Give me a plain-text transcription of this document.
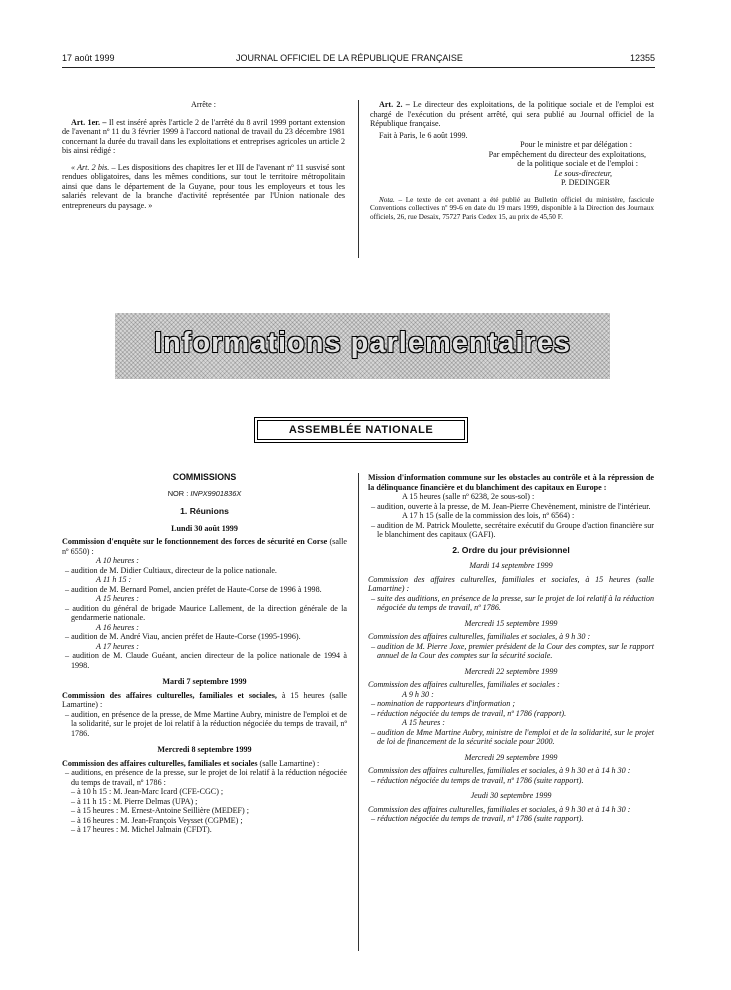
17 août 1999	JOURNAL OFFICIEL DE LA RÉPUBLIQUE FRANÇAISE	12355

Arrête :

Art. 1er. – Il est inséré après l'article 2 de l'arrêté du 8 avril 1999 portant extension de l'avenant nº 11 du 3 février 1999 à l'accord national de travail du 23 décembre 1981 concernant la durée du travail dans les exploitations et entreprises agricoles un article 2 bis ainsi rédigé :

« Art. 2 bis. – Les dispositions des chapitres Ier et III de l'avenant nº 11 susvisé sont rendues obligatoires, dans les mêmes conditions, sur tout le territoire métropolitain ainsi que dans le département de la Guyane, pour tous les employeurs et tous les salariés relevant de la branche d'activité représentée par l'Union nationale des entrepreneurs du paysage. »

Art. 2. – Le directeur des exploitations, de la politique sociale et de l'emploi est chargé de l'exécution du présent arrêté, qui sera publié au Journal officiel de la République française.

Fait à Paris, le 6 août 1999.

Pour le ministre et par délégation :

Par empêchement du directeur des exploitations,

de la politique sociale et de l'emploi :

Le sous-directeur,

P. DEDINGER

Nota. – Le texte de cet avenant a été publié au Bulletin officiel du ministère, fascicule Conventions collectives nº 99-6 en date du 19 mars 1999, disponible à la Direction des Journaux officiels, 26, rue Desaix, 75727 Paris Cedex 15, au prix de 45,50 F.

Informations parlementaires
ASSEMBLÉE NATIONALE

COMMISSIONS

NOR : INPX9901836X

1. Réunions

Lundi 30 août 1999

Commission d'enquête sur le fonctionnement des forces de sécurité en Corse (salle nº 6550) :

A 10 heures :

– audition de M. Didier Cultiaux, directeur de la police nationale.

A 11 h 15 :

– audition de M. Bernard Pomel, ancien préfet de Haute-Corse de 1996 à 1998.

A 15 heures :

– audition du général de brigade Maurice Lallement, de la direction générale de la gendarmerie nationale.

A 16 heures :

– audition de M. André Viau, ancien préfet de Haute-Corse (1995-1996).

A 17 heures :

– audition de M. Claude Guéant, ancien directeur de la police nationale de 1994 à 1998.

Mardi 7 septembre 1999

Commission des affaires culturelles, familiales et sociales, à 15 heures (salle Lamartine) :

– audition, en présence de la presse, de Mme Martine Aubry, ministre de l'emploi et de la solidarité, sur le projet de loi relatif à la réduction négociée du temps de travail, nº 1786.

Mercredi 8 septembre 1999

Commission des affaires culturelles, familiales et sociales (salle Lamartine) :

– auditions, en présence de la presse, sur le projet de loi relatif à la réduction négociée du temps de travail, nº 1786 :

– à 10 h 15 : M. Jean-Marc Icard (CFE-CGC) ;

– à 11 h 15 : M. Pierre Delmas (UPA) ;

– à 15 heures : M. Ernest-Antoine Seillière (MEDEF) ;

– à 16 heures : M. Jean-François Veysset (CGPME) ;

– à 17 heures : M. Michel Jalmain (CFDT).

Mission d'information commune sur les obstacles au contrôle et à la répression de la délinquance financière et du blanchiment des capitaux en Europe :

A 15 heures (salle nº 6238, 2e sous-sol) :

– audition, ouverte à la presse, de M. Jean-Pierre Chevènement, ministre de l'intérieur.

A 17 h 15 (salle de la commission des lois, nº 6564) :

– audition de M. Patrick Moulette, secrétaire exécutif du Groupe d'action financière sur le blanchiment des capitaux (GAFI).

2. Ordre du jour prévisionnel

Mardi 14 septembre 1999

Commission des affaires culturelles, familiales et sociales, à 15 heures (salle Lamartine) :

– suite des auditions, en présence de la presse, sur le projet de loi relatif à la réduction négociée du temps de travail, nº 1786.

Mercredi 15 septembre 1999

Commission des affaires culturelles, familiales et sociales, à 9 h 30 :

– audition de M. Pierre Joxe, premier président de la Cour des comptes, sur le rapport annuel de la Cour des comptes sur la sécurité sociale.

Mercredi 22 septembre 1999

Commission des affaires culturelles, familiales et sociales :

A 9 h 30 :

– nomination de rapporteurs d'information ;

– réduction négociée du temps de travail, nº 1786 (rapport).

A 15 heures :

– audition de Mme Martine Aubry, ministre de l'emploi et de la solidarité, sur le projet de loi de financement de la sécurité sociale pour 2000.

Mercredi 29 septembre 1999

Commission des affaires culturelles, familiales et sociales, à 9 h 30 et à 14 h 30 :

– réduction négociée du temps de travail, nº 1786 (suite rapport).

Jeudi 30 septembre 1999

Commission des affaires culturelles, familiales et sociales, à 9 h 30 et à 14 h 30 :

– réduction négociée du temps de travail, nº 1786 (suite rapport).
